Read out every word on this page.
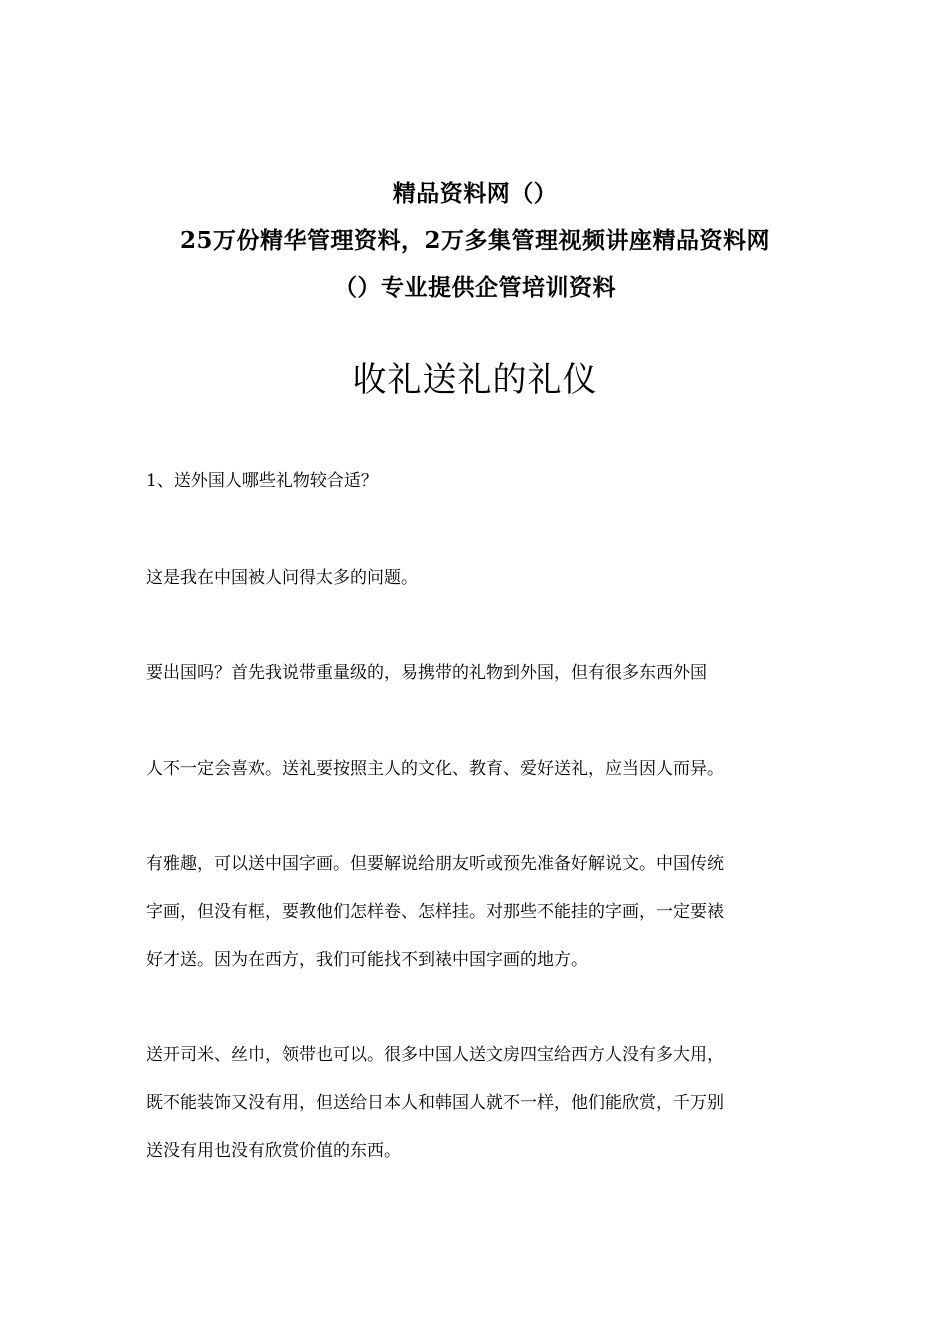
精品资料网（）
25万份精华管理资料，2万多集管理视频讲座精品资料网
（）专业提供企管培训资料
收礼送礼的礼仪
1、送外国人哪些礼物较合适？
这是我在中国被人问得太多的问题。
要出国吗？首先我说带重量级的，易携带的礼物到外国，但有很多东西外国
人不一定会喜欢。送礼要按照主人的文化、教育、爱好送礼，应当因人而异。
有雅趣，可以送中国字画。但要解说给朋友听或预先准备好解说文。中国传统
字画，但没有框，要教他们怎样卷、怎样挂。对那些不能挂的字画，一定要裱
好才送。因为在西方，我们可能找不到裱中国字画的地方。
送开司米、丝巾，领带也可以。很多中国人送文房四宝给西方人没有多大用，
既不能装饰又没有用，但送给日本人和韩国人就不一样，他们能欣赏，千万别
送没有用也没有欣赏价值的东西。
